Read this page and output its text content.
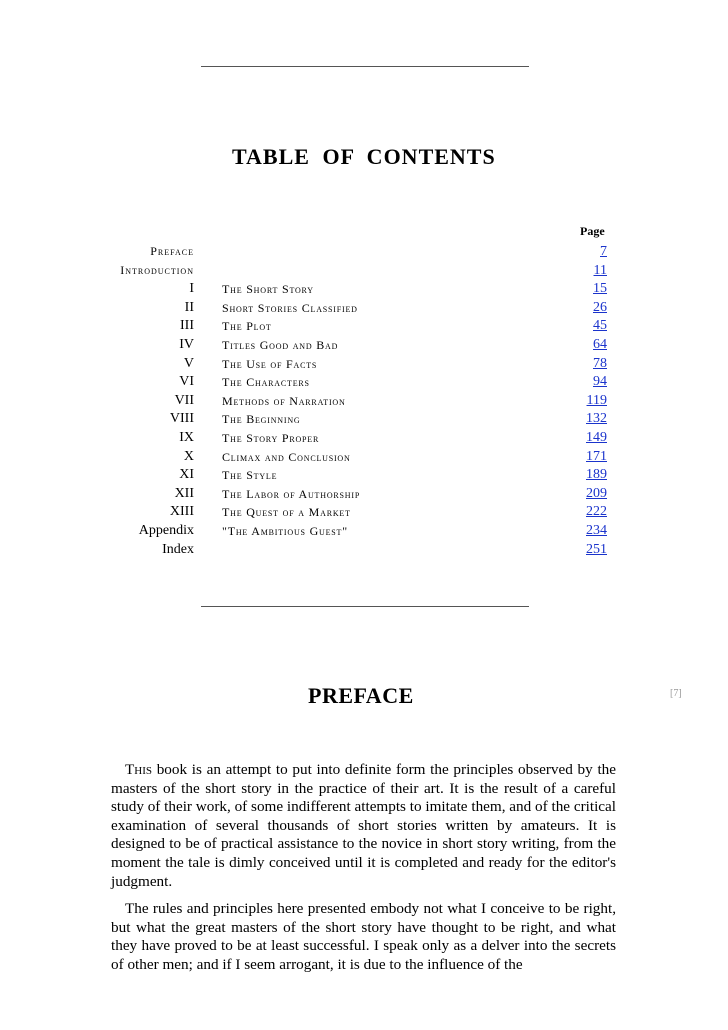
TABLE OF CONTENTS
Page
Preface	7
Introduction	11
I The Short Story	15
II Short Stories Classified	26
III The Plot	45
IV Titles Good and Bad	64
V The Use of Facts	78
VI The Characters	94
VII Methods of Narration	119
VIII The Beginning	132
IX The Story Proper	149
X Climax and Conclusion	171
XI The Style	189
XII The Labor of Authorship	209
XIII The Quest of a Market	222
Appendix "The Ambitious Guest"	234
Index	251
PREFACE	[7]

This book is an attempt to put into definite form the principles observed by the masters of the short story in the practice of their art. It is the result of a careful study of their work, of some indifferent attempts to imitate them, and of the critical examination of several thousands of short stories written by amateurs. It is designed to be of practical assistance to the novice in short story writing, from the moment the tale is dimly conceived until it is completed and ready for the editor's judgment.

The rules and principles here presented embody not what I conceive to be right, but what the great masters of the short story have thought to be right, and what they have proved to be at least successful. I speak only as a delver into the secrets of other men; and if I seem arrogant, it is due to the influence of the
